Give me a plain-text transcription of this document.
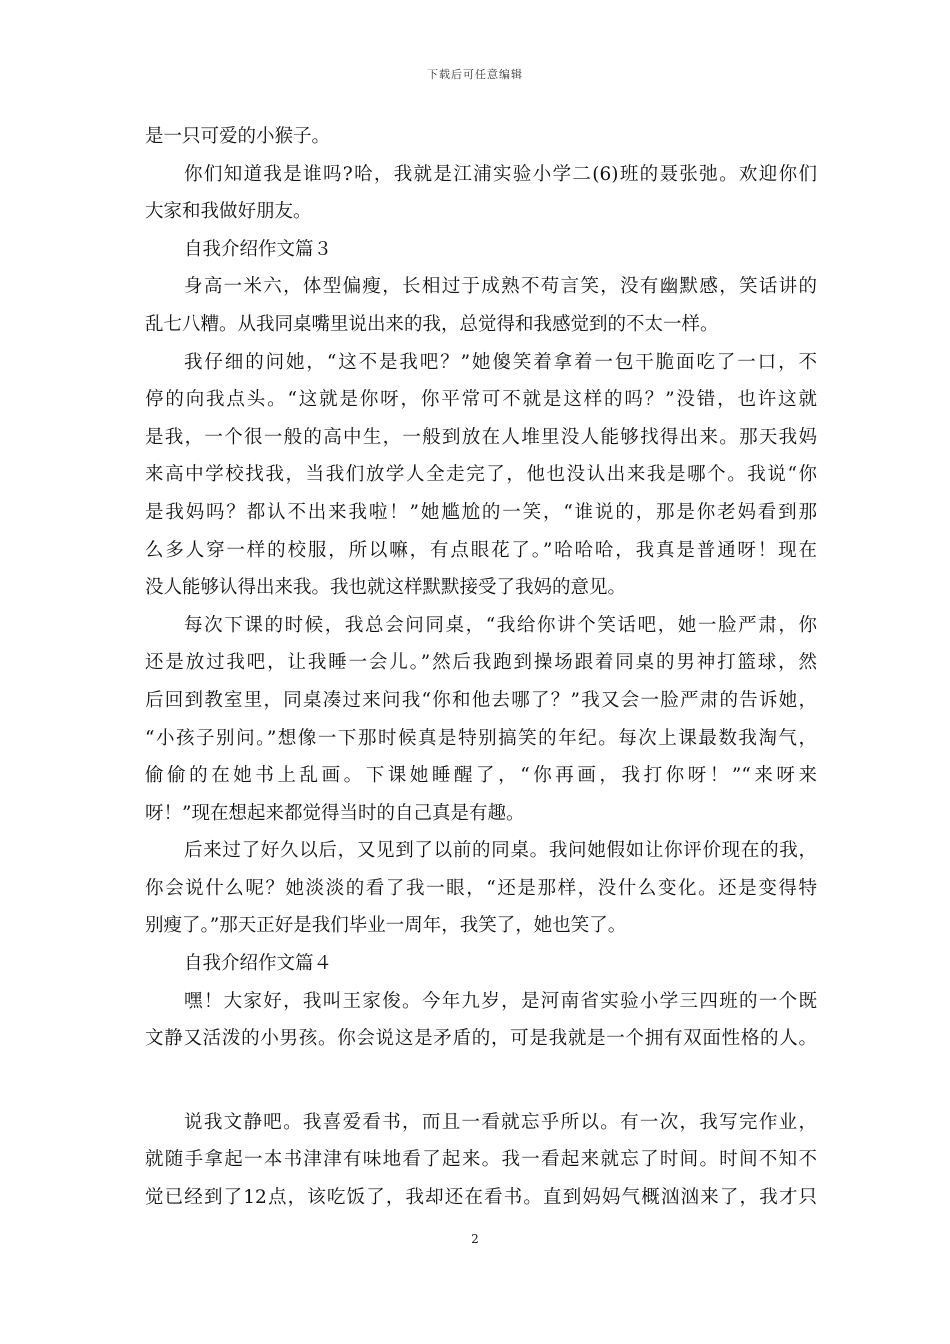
下载后可任意编辑
是一只可爱的小猴子。
你们知道我是谁吗?哈，我就是江浦实验小学二(6)班的聂张弛。欢迎你们
大家和我做好朋友。
自我介绍作文篇３
身高一米六，体型偏瘦，长相过于成熟不苟言笑，没有幽默感，笑话讲的
乱七八糟。从我同桌嘴里说出来的我，总觉得和我感觉到的不太一样。
我仔细的问她，“这不是我吧？”她傻笑着拿着一包干脆面吃了一口，不
停的向我点头。“这就是你呀，你平常可不就是这样的吗？”没错，也许这就
是我，一个很一般的高中生，一般到放在人堆里没人能够找得出来。那天我妈
来高中学校找我，当我们放学人全走完了，他也没认出来我是哪个。我说“你
是我妈吗？都认不出来我啦！”她尴尬的一笑，“谁说的，那是你老妈看到那
么多人穿一样的校服，所以嘛，有点眼花了。”哈哈哈，我真是普通呀！现在
没人能够认得出来我。我也就这样默默接受了我妈的意见。
每次下课的时候，我总会问同桌，“我给你讲个笑话吧，她一脸严肃，你
还是放过我吧，让我睡一会儿。”然后我跑到操场跟着同桌的男神打篮球，然
后回到教室里，同桌凑过来问我“你和他去哪了？”我又会一脸严肃的告诉她，
“小孩子别问。”想像一下那时候真是特别搞笑的年纪。每次上课最数我淘气，
偷偷的在她书上乱画。下课她睡醒了，“你再画，我打你呀！”“来呀来
呀！”现在想起来都觉得当时的自己真是有趣。
后来过了好久以后，又见到了以前的同桌。我问她假如让你评价现在的我，
你会说什么呢？她淡淡的看了我一眼，“还是那样，没什么变化。还是变得特
别瘦了。”那天正好是我们毕业一周年，我笑了，她也笑了。
自我介绍作文篇４
嘿！大家好，我叫王家俊。今年九岁，是河南省实验小学三四班的一个既
文静又活泼的小男孩。你会说这是矛盾的，可是我就是一个拥有双面性格的人。
说我文静吧。我喜爱看书，而且一看就忘乎所以。有一次，我写完作业，
就随手拿起一本书津津有味地看了起来。我一看起来就忘了时间。时间不知不
觉已经到了12点，该吃饭了，我却还在看书。直到妈妈气概汹汹来了，我才只
2
